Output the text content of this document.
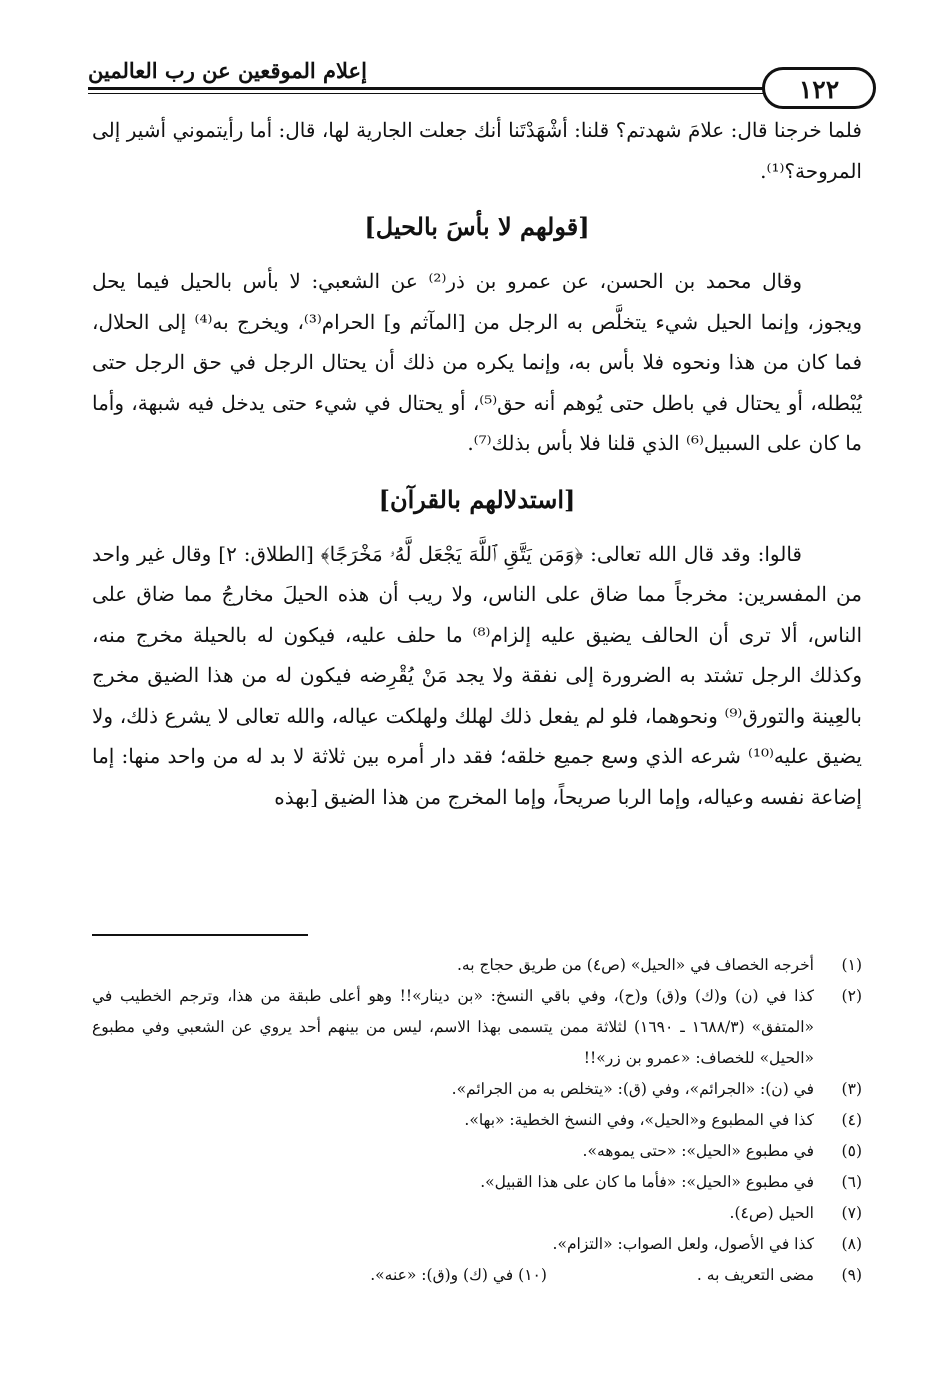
إعلام الموقعين عن رب العالمين
١٢٢

فلما خرجنا قال: علامَ شهدتم؟ قلنا: أشْهَدْتَنا أنك جعلت الجارية لها، قال: أما رأيتموني أشير إلى المروحة؟⁽¹⁾.

[قولهم لا بأسَ بالحيل]

وقال محمد بن الحسن، عن عمرو بن ذر⁽²⁾ عن الشعبي: لا بأس بالحيل فيما يحل ويجوز، وإنما الحيل شيء يتخلَّص به الرجل من [المآثم و] الحرام⁽³⁾، ويخرج به⁽⁴⁾ إلى الحلال، فما كان من هذا ونحوه فلا بأس به، وإنما يكره من ذلك أن يحتال الرجل في حق الرجل حتى يُبْطله، أو يحتال في باطل حتى يُوهم أنه حق⁽⁵⁾، أو يحتال في شيء حتى يدخل فيه شبهة، وأما ما كان على السبيل⁽⁶⁾ الذي قلنا فلا بأس بذلك⁽⁷⁾.

[استدلالهم بالقرآن]

قالوا: وقد قال الله تعالى: ﴿وَمَن يَتَّقِ ٱللَّهَ يَجْعَل لَّهُۥ مَخْرَجًا﴾ [الطلاق: ٢] وقال غير واحد من المفسرين: مخرجاً مما ضاق على الناس، ولا ريب أن هذه الحيلَ مخارجُ مما ضاق على الناس، ألا ترى أن الحالف يضيق عليه إلزام⁽⁸⁾ ما حلف عليه، فيكون له بالحيلة مخرج منه، وكذلك الرجل تشتد به الضرورة إلى نفقة ولا يجد مَنْ يُقْرِضه فيكون له من هذا الضيق مخرج بالعِينة والتورق⁽⁹⁾ ونحوهما، فلو لم يفعل ذلك لهلك ولهلكت عياله، والله تعالى لا يشرع ذلك، ولا يضيق عليه⁽¹⁰⁾ شرعه الذي وسع جميع خلقه؛ فقد دار أمره بين ثلاثة لا بد له من واحد منها: إما إضاعة نفسه وعياله، وإما الربا صريحاً، وإما المخرج من هذا الضيق [بهذه

(١)
أخرجه الخصاف في «الحيل» (ص٤) من طريق حجاج به.
(٢)
كذا في (ن) و(ك) و(ق) و(ح)، وفي باقي النسخ: «بن دينار»!! وهو أعلى طبقة من هذا، وترجم الخطيب في «المتفق» (١٦٨٨/٣ ـ ١٦٩٠) لثلاثة ممن يتسمى بهذا الاسم، ليس من بينهم أحد يروي عن الشعبي وفي مطبوع «الحيل» للخصاف: «عمرو بن زر»!!
(٣)
في (ن): «الجرائم»، وفي (ق): «يتخلص به من الجرائم».
(٤)
كذا في المطبوع و«الحيل»، وفي النسخ الخطية: «بها».
(٥)
في مطبوع «الحيل»: «حتى يموهه».
(٦)
في مطبوع «الحيل»: «فأما ما كان على هذا القبيل».
(٧)
الحيل (ص٤).
(٨)
كذا في الأصول، ولعل الصواب: «التزام».
(٩)
مضى التعريف به .
(١٠) في (ك) و(ق): «عنه».
